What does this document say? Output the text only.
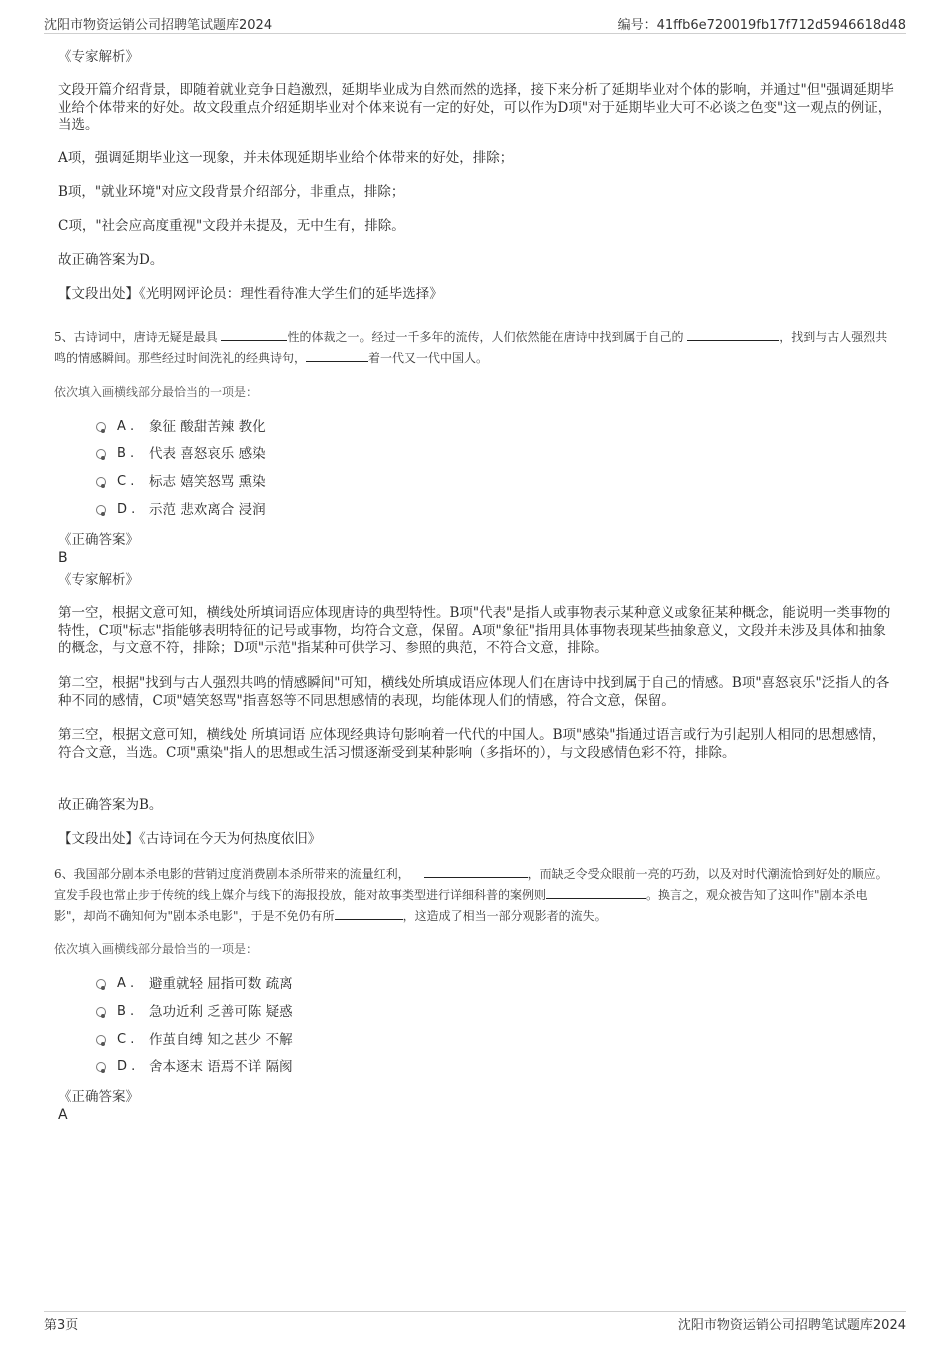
沈阳市物资运销公司招聘笔试题库2024	编号：41ffb6e720019fb17f712d5946618d48
《专家解析》
文段开篇介绍背景，即随着就业竞争日趋激烈，延期毕业成为自然而然的选择，接下来分析了延期毕业对个体的影响，并通过"但"强调延期毕业给个体带来的好处。故文段重点介绍延期毕业对个体来说有一定的好处，可以作为D项"对于延期毕业大可不必谈之色变"这一观点的例证，当选。
A项，强调延期毕业这一现象，并未体现延期毕业给个体带来的好处，排除；
B项，"就业环境"对应文段背景介绍部分，非重点，排除；
C项，"社会应高度重视"文段并未提及，无中生有，排除。
故正确答案为D。
【文段出处】《光明网评论员：理性看待准大学生们的延毕选择》
5、古诗词中，唐诗无疑是最具	性的体裁之一。经过一千多年的流传，人们依然能在唐诗中找到属于自己的	，找到与古人强烈共鸣的情感瞬间。那些经过时间洗礼的经典诗句，	着一代又一代中国人。
依次填入画横线部分最恰当的一项是：
A . 象征 酸甜苦辣 教化
B . 代表 喜怒哀乐 感染
C . 标志 嬉笑怒骂 熏染
D . 示范 悲欢离合 浸润
《正确答案》
B
《专家解析》
第一空，根据文意可知，横线处所填词语应体现唐诗的典型特性。B项"代表"是指人或事物表示某种意义或象征某种概念，能说明一类事物的特性，C项"标志"指能够表明特征的记号或事物，均符合文意，保留。A项"象征"指用具体事物表现某些抽象意义，文段并未涉及具体和抽象的概念，与文意不符，排除；D项"示范"指某种可供学习、参照的典范，不符合文意，排除。
第二空，根据"找到与古人强烈共鸣的情感瞬间"可知，横线处所填成语应体现人们在唐诗中找到属于自己的情感。B项"喜怒哀乐"泛指人的各种不同的感情，C项"嬉笑怒骂"指喜怒等不同思想感情的表现，均能体现人们的情感，符合文意，保留。
第三空，根据文意可知，横线处 所填词语 应体现经典诗句影响着一代代的中国人。B项"感染"指通过语言或行为引起别人相同的思想感情，符合文意，当选。C项"熏染"指人的思想或生活习惯逐渐受到某种影响（多指坏的），与文段感情色彩不符，排除。
故正确答案为B。
【文段出处】《古诗词在今天为何热度依旧》
6、我国部分剧本杀电影的营销过度消费剧本杀所带来的流量红利，	，而缺乏令受众眼前一亮的巧劲，以及对时代潮流恰到好处的顺应。宣发手段也常止步于传统的线上媒介与线下的海报投放，能对故事类型进行详细科普的案例则	。换言之，观众被告知了这叫作"剧本杀电影"，却尚不确知何为"剧本杀电影"，于是不免仍有所	，这造成了相当一部分观影者的流失。
依次填入画横线部分最恰当的一项是：
A . 避重就轻 屈指可数 疏离
B . 急功近利 乏善可陈 疑惑
C . 作茧自缚 知之甚少 不解
D . 舍本逐末 语焉不详 隔阂
《正确答案》
A
第3页	沈阳市物资运销公司招聘笔试题库2024
